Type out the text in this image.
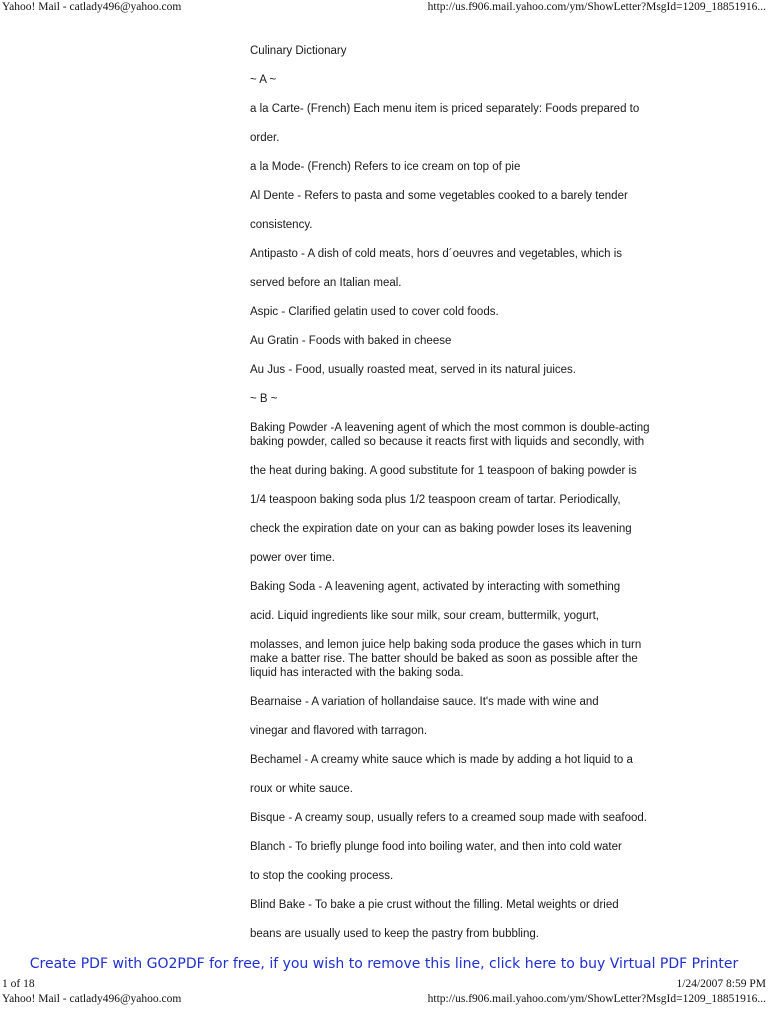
Yahoo! Mail - catlady496@yahoo.com	http://us.f906.mail.yahoo.com/ym/ShowLetter?MsgId=1209_18851916...
Culinary Dictionary
~ A ~
a la Carte- (French) Each menu item is priced separately: Foods prepared to
order.
a la Mode- (French) Refers to ice cream on top of pie
Al Dente - Refers to pasta and some vegetables cooked to a barely tender
consistency.
Antipasto - A dish of cold meats, hors d´oeuvres and vegetables, which is
served before an Italian meal.
Aspic - Clarified gelatin used to cover cold foods.
Au Gratin - Foods with baked in cheese
Au Jus - Food, usually roasted meat, served in its natural juices.
~ B ~
Baking Powder -A leavening agent of which the most common is double-acting
baking powder, called so because it reacts first with liquids and secondly, with
the heat during baking. A good substitute for 1 teaspoon of baking powder is
1/4 teaspoon baking soda plus 1/2 teaspoon cream of tartar. Periodically,
check the expiration date on your can as baking powder loses its leavening
power over time.
Baking Soda - A leavening agent, activated by interacting with something
acid. Liquid ingredients like sour milk, sour cream, buttermilk, yogurt,
molasses, and lemon juice help baking soda produce the gases which in turn
make a batter rise. The batter should be baked as soon as possible after the
liquid has interacted with the baking soda.
Bearnaise - A variation of hollandaise sauce. It's made with wine and
vinegar and flavored with tarragon.
Bechamel - A creamy white sauce which is made by adding a hot liquid to a
roux or white sauce.
Bisque - A creamy soup, usually refers to a creamed soup made with seafood.
Blanch - To briefly plunge food into boiling water, and then into cold water
to stop the cooking process.
Blind Bake - To bake a pie crust without the filling. Metal weights or dried
beans are usually used to keep the pastry from bubbling.
Create PDF with GO2PDF for free, if you wish to remove this line, click here to buy Virtual PDF Printer
1 of 18	1/24/2007 8:59 PM
Yahoo! Mail - catlady496@yahoo.com	http://us.f906.mail.yahoo.com/ym/ShowLetter?MsgId=1209_18851916...
